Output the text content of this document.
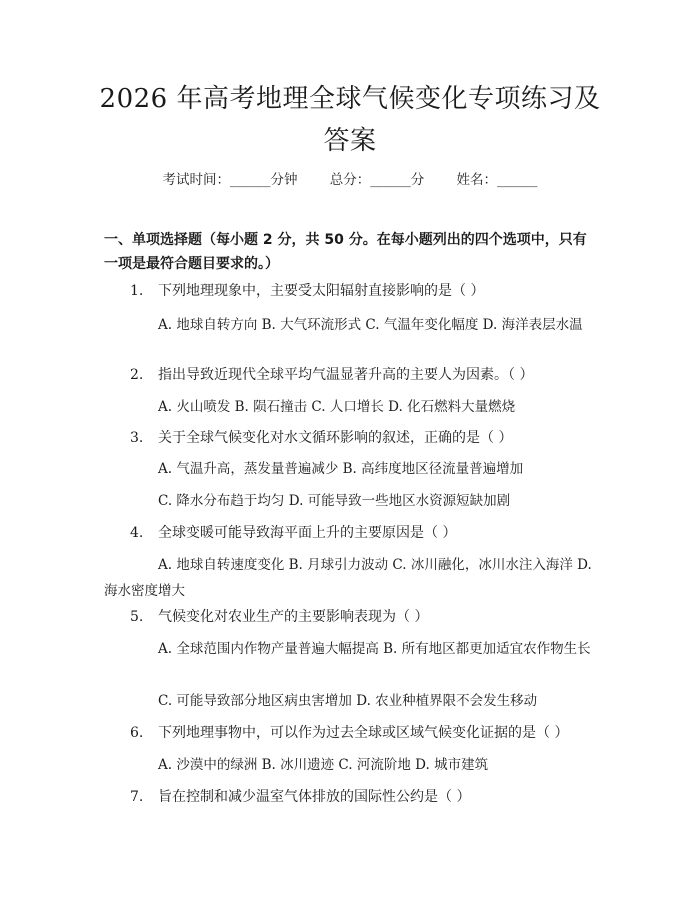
2026 年高考地理全球气候变化专项练习及答案
考试时间：______分钟 总分：______分 姓名：______
一、单项选择题（每小题 2 分，共 50 分。在每小题列出的四个选项中，只有一项是最符合题目要求的。）
1. 下列地理现象中，主要受太阳辐射直接影响的是（ ）
A. 地球自转方向 B. 大气环流形式 C. 气温年变化幅度 D. 海洋表层水温
2. 指出导致近现代全球平均气温显著升高的主要人为因素。（ ）
A. 火山喷发 B. 陨石撞击 C. 人口增长 D. 化石燃料大量燃烧
3. 关于全球气候变化对水文循环影响的叙述，正确的是（ ）
A. 气温升高，蒸发量普遍减少 B. 高纬度地区径流量普遍增加
C. 降水分布趋于均匀 D. 可能导致一些地区水资源短缺加剧
4. 全球变暖可能导致海平面上升的主要原因是（ ）
A. 地球自转速度变化 B. 月球引力波动 C. 冰川融化，冰川水注入海洋 D. 海水密度增大
5. 气候变化对农业生产的主要影响表现为（ ）
A. 全球范围内作物产量普遍大幅提高 B. 所有地区都更加适宜农作物生长
C. 可能导致部分地区病虫害增加 D. 农业种植界限不会发生移动
6. 下列地理事物中，可以作为过去全球或区域气候变化证据的是（ ）
A. 沙漠中的绿洲 B. 冰川遗迹 C. 河流阶地 D. 城市建筑
7. 旨在控制和减少温室气体排放的国际性公约是（ ）
